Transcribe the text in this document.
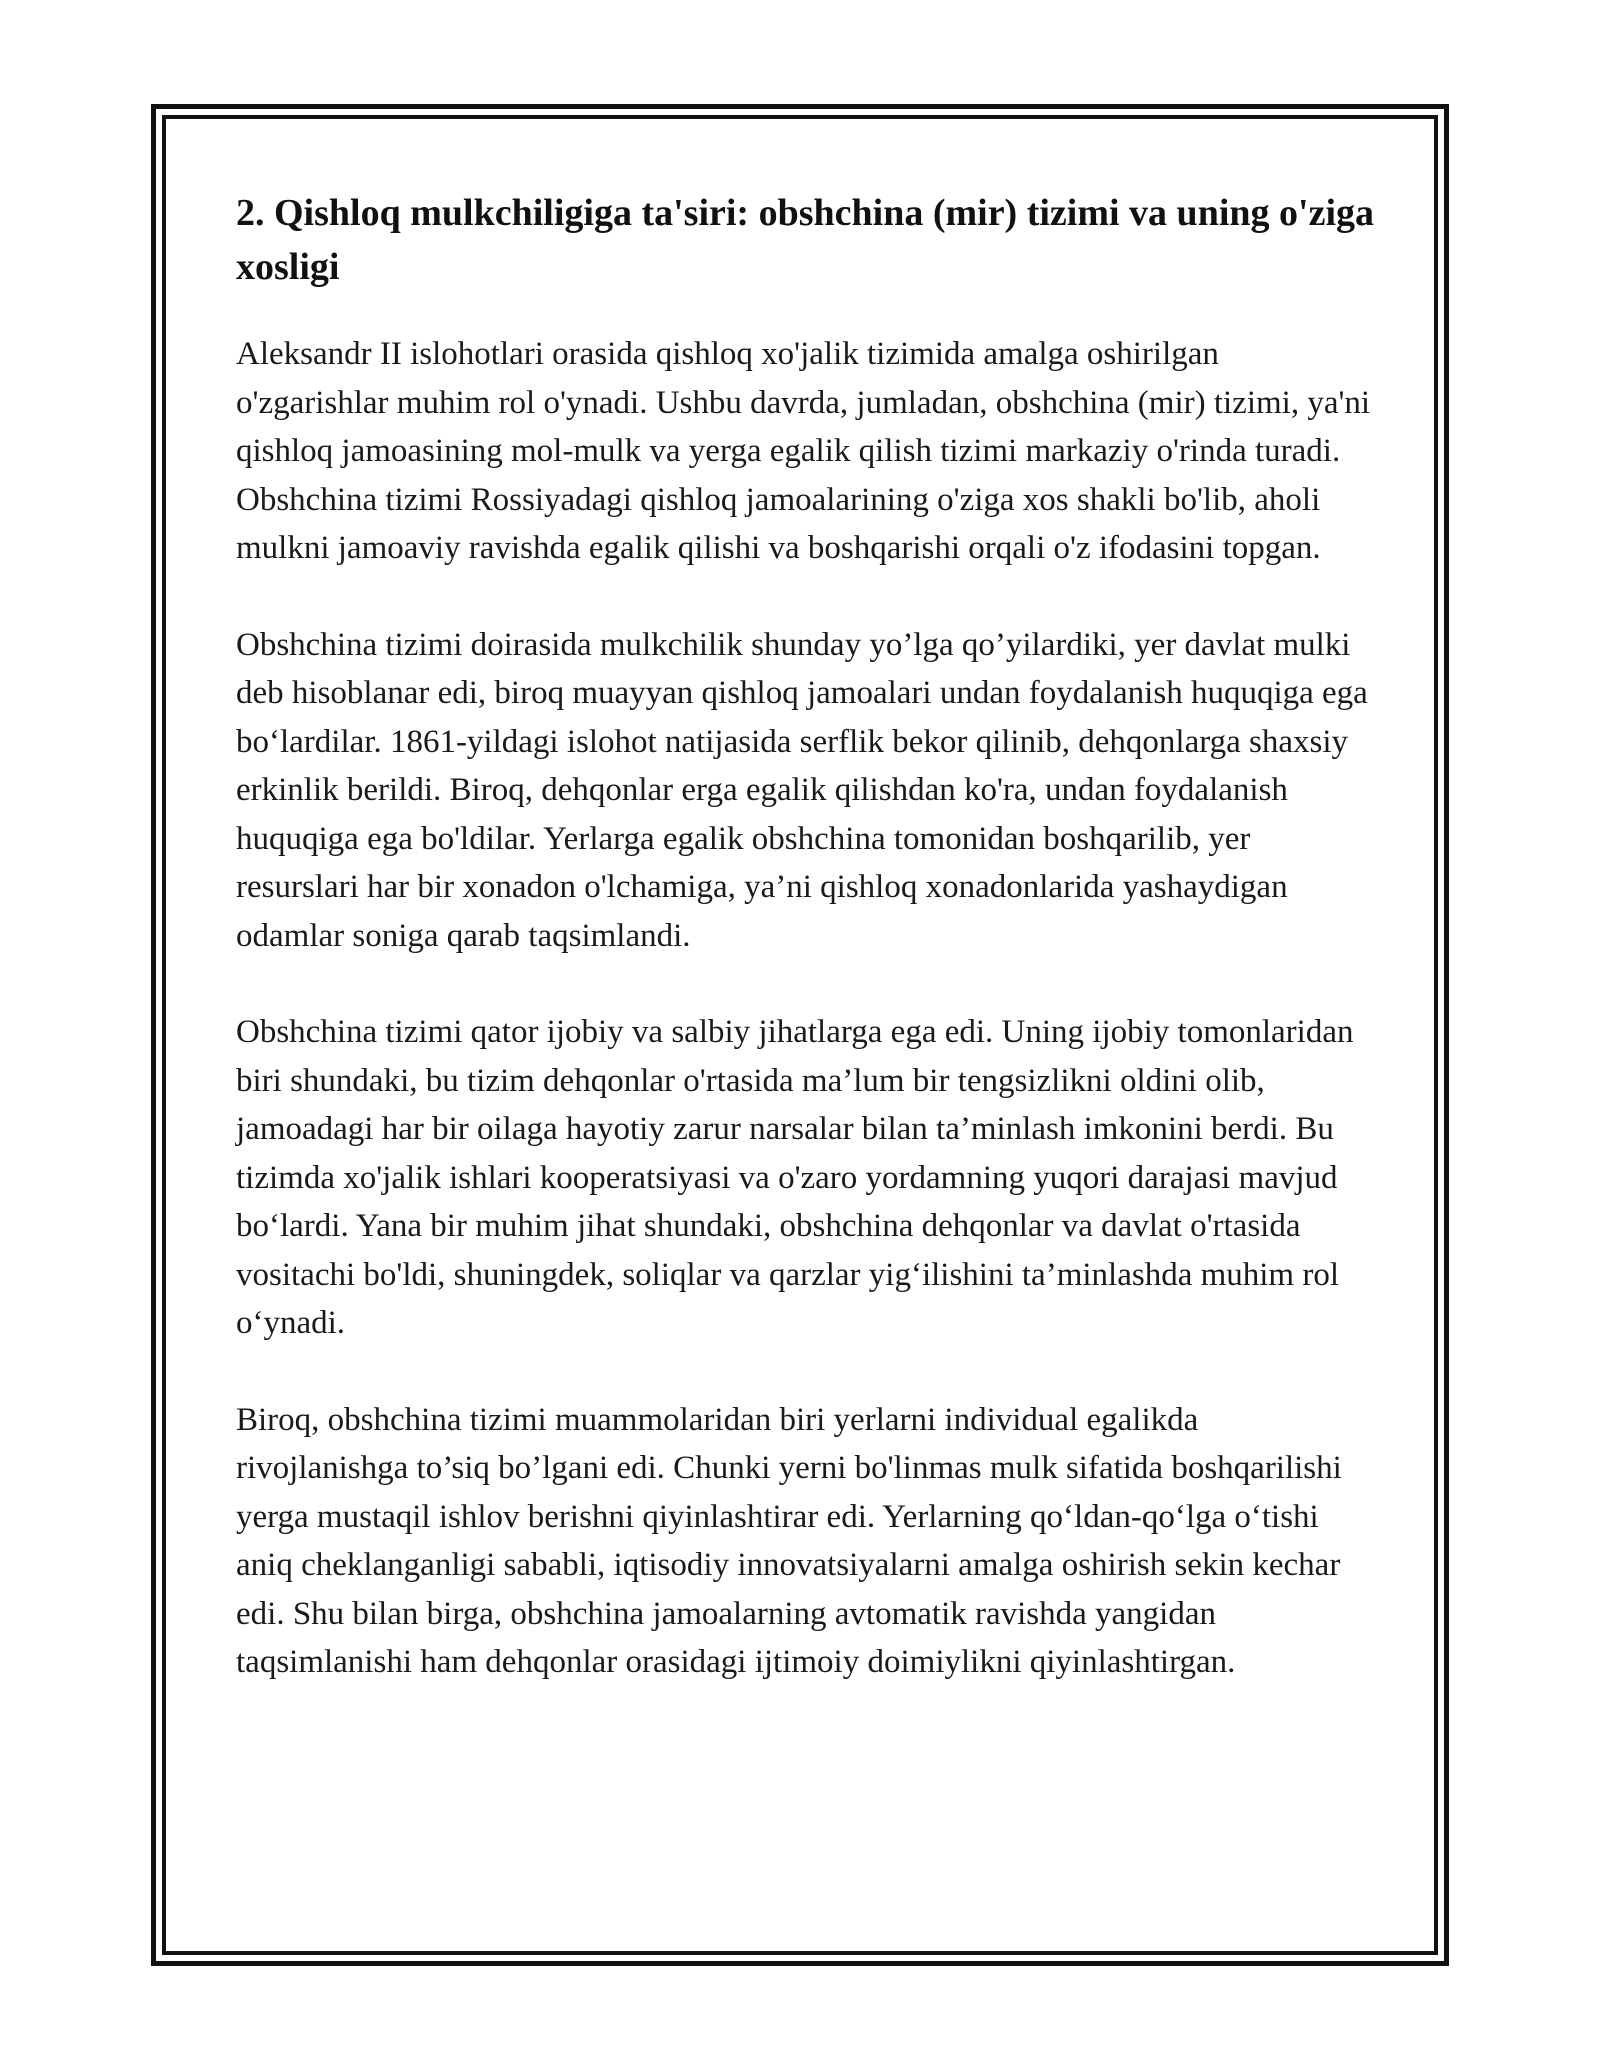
2. Qishloq mulkchiligiga ta'siri: obshchina (mir) tizimi va uning o'ziga xosligi

Aleksandr II islohotlari orasida qishloq xo'jalik tizimida amalga oshirilgan o'zgarishlar muhim rol o'ynadi. Ushbu davrda, jumladan, obshchina (mir) tizimi, ya'ni qishloq jamoasining mol-mulk va yerga egalik qilish tizimi markaziy o'rinda turadi. Obshchina tizimi Rossiyadagi qishloq jamoalarining o'ziga xos shakli bo'lib, aholi mulkni jamoaviy ravishda egalik qilishi va boshqarishi orqali o'z ifodasini topgan.

Obshchina tizimi doirasida mulkchilik shunday yo’lga qo’yilardiki, yer davlat mulki deb hisoblanar edi, biroq muayyan qishloq jamoalari undan foydalanish huquqiga ega bo‘lardilar. 1861-yildagi islohot natijasida serflik bekor qilinib, dehqonlarga shaxsiy erkinlik berildi. Biroq, dehqonlar erga egalik qilishdan ko'ra, undan foydalanish huquqiga ega bo'ldilar. Yerlarga egalik obshchina tomonidan boshqarilib, yer resurslari har bir xonadon o'lchamiga, ya’ni qishloq xonadonlarida yashaydigan odamlar soniga qarab taqsimlandi.

Obshchina tizimi qator ijobiy va salbiy jihatlarga ega edi. Uning ijobiy tomonlaridan biri shundaki, bu tizim dehqonlar o'rtasida ma’lum bir tengsizlikni oldini olib, jamoadagi har bir oilaga hayotiy zarur narsalar bilan ta’minlash imkonini berdi. Bu tizimda xo'jalik ishlari kooperatsiyasi va o'zaro yordamning yuqori darajasi mavjud bo‘lardi. Yana bir muhim jihat shundaki, obshchina dehqonlar va davlat o'rtasida vositachi bo'ldi, shuningdek, soliqlar va qarzlar yig‘ilishini ta’minlashda muhim rol o‘ynadi.

Biroq, obshchina tizimi muammolaridan biri yerlarni individual egalikda rivojlanishga to’siq bo’lgani edi. Chunki yerni bo'linmas mulk sifatida boshqarilishi yerga mustaqil ishlov berishni qiyinlashtirar edi. Yerlarning qo‘ldan-qo‘lga o‘tishi aniq cheklanganligi sababli, iqtisodiy innovatsiyalarni amalga oshirish sekin kechar edi. Shu bilan birga, obshchina jamoalarning avtomatik ravishda yangidan taqsimlanishi ham dehqonlar orasidagi ijtimoiy doimiylikni qiyinlashtirgan.
